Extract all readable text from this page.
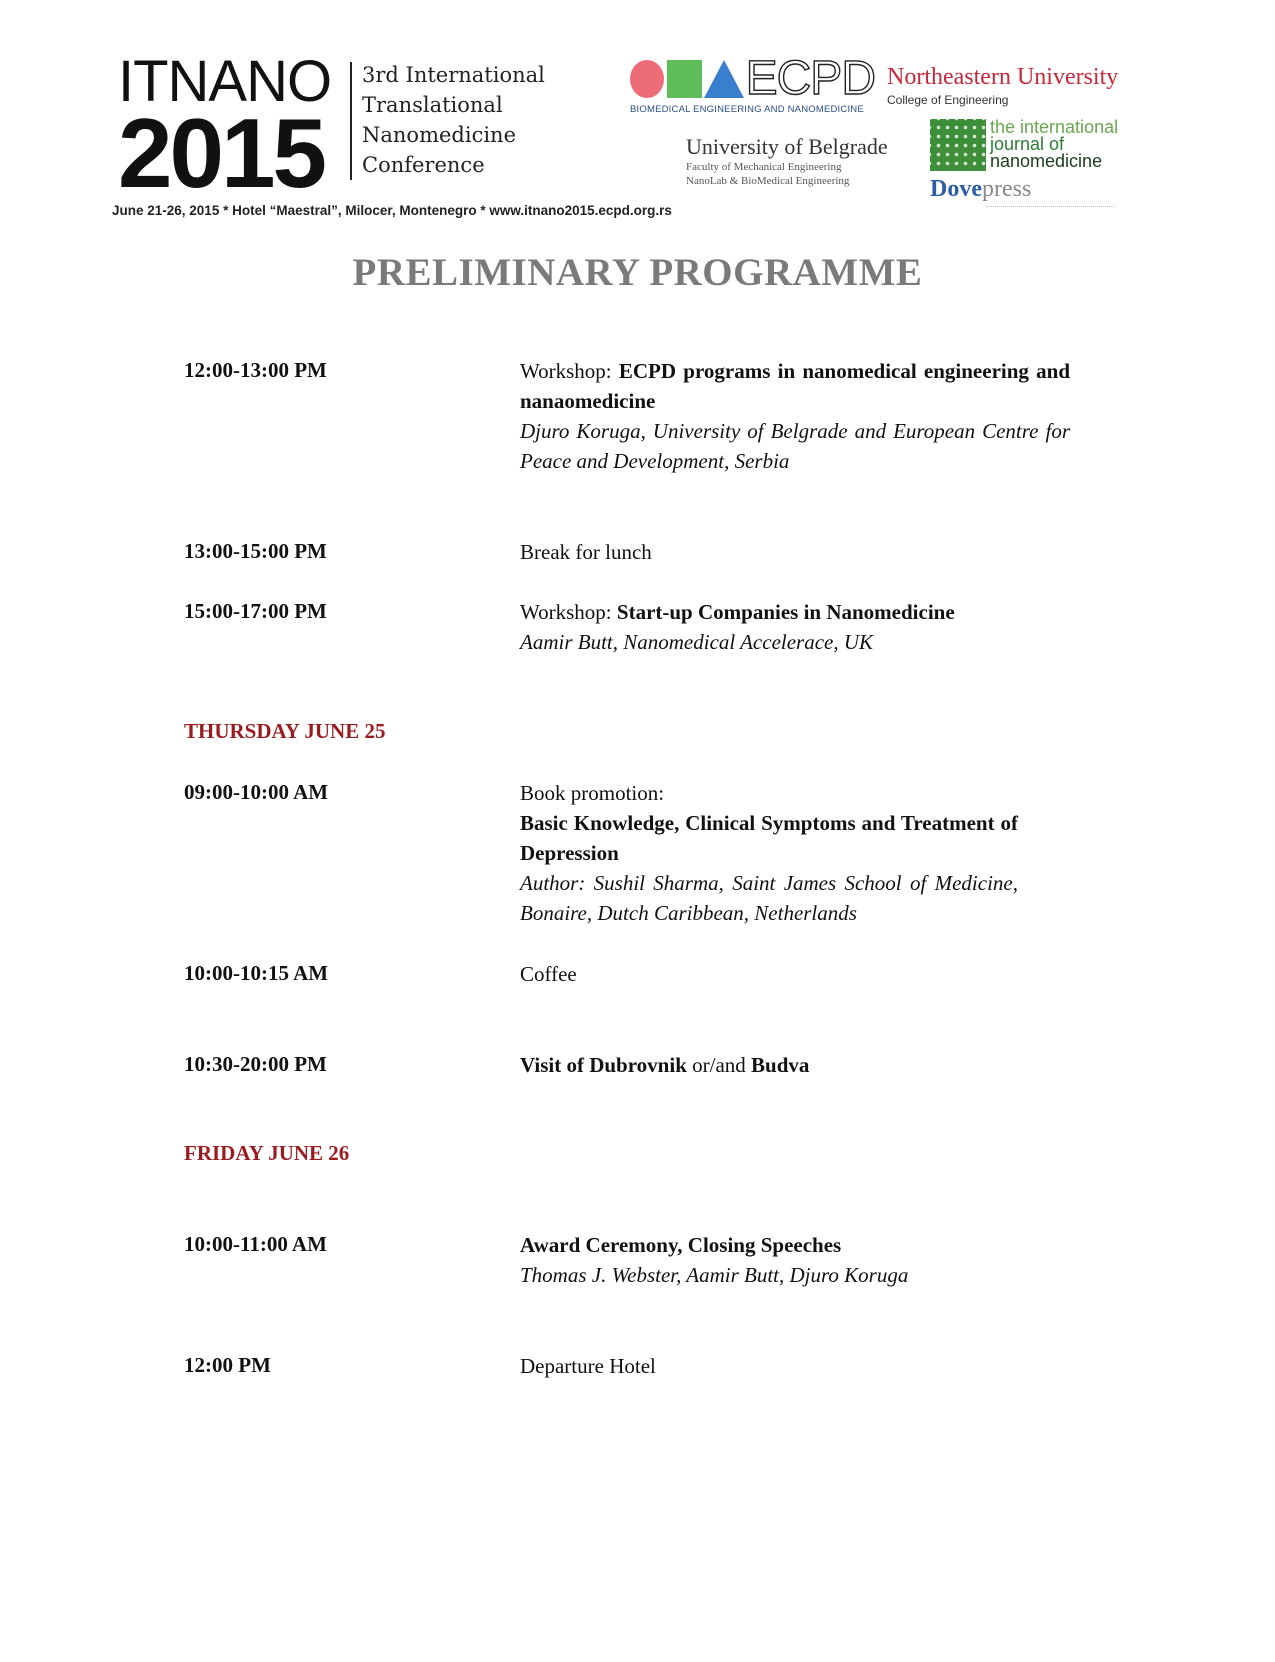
ITNANO
2015
3rd International
Translational
Nanomedicine
Conference
June 21-26, 2015 * Hotel “Maestral”, Milocer, Montenegro * www.itnano2015.ecpd.org.rs
ECPD
BIOMEDICAL ENGINEERING AND NANOMEDICINE
Northeastern University
College of Engineering
University of Belgrade
Faculty of Mechanical Engineering
NanoLab & BioMedical Engineering
the international
journal of
nanomedicine
Dovepress
PRELIMINARY PROGRAMME
12:00-13:00 PM	Workshop: ECPD programs in nanomedical engineering and nanaomedicine
Djuro Koruga, University of Belgrade and European Centre for Peace and Development, Serbia
13:00-15:00 PM	Break for lunch
15:00-17:00 PM	Workshop: Start-up Companies in Nanomedicine
Aamir Butt, Nanomedical Accelerace, UK
THURSDAY JUNE 25
09:00-10:00 AM	Book promotion:
Basic Knowledge, Clinical Symptoms and Treatment of Depression
Author: Sushil Sharma, Saint James School of Medicine, Bonaire, Dutch Caribbean, Netherlands
10:00-10:15 AM	Coffee
10:30-20:00 PM	Visit of Dubrovnik or/and Budva
FRIDAY JUNE 26
10:00-11:00 AM	Award Ceremony, Closing Speeches
Thomas J. Webster, Aamir Butt, Djuro Koruga
12:00 PM	Departure Hotel
